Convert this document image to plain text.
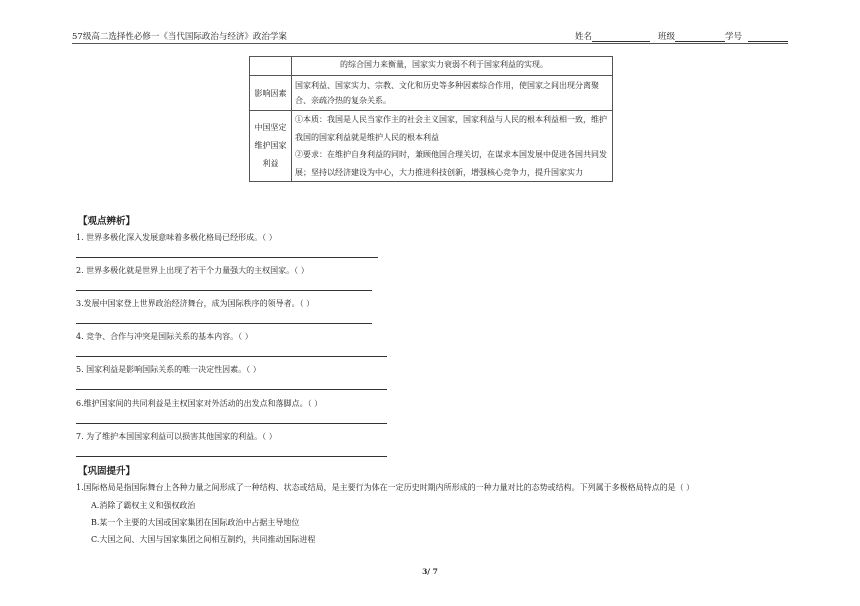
57级高二选择性必修一《当代国际政治与经济》政治学案	姓名	班级	学号
	的综合国力来衡量，国家实力衰弱不利于国家利益的实现。
影响因素	国家利益、国家实力、宗教、文化和历史等多种因素综合作用，使国家之间出现分离聚合、亲疏冷热的复杂关系。
中国坚定维护国家利益	①本质：我国是人民当家作主的社会主义国家，国家利益与人民的根本利益相一致，维护我国的国家利益就是维护人民的根本利益
②要求：在维护自身利益的同时，兼顾他国合理关切，在谋求本国发展中促进各国共同发展；坚持以经济建设为中心，大力推进科技创新，增强核心竞争力，提升国家实力
【观点辨析】
1. 世界多极化深入发展意味着多极化格局已经形成。（ ）
2. 世界多极化就是世界上出现了若干个力量强大的主权国家。（ ）
3.发展中国家登上世界政治经济舞台，成为国际秩序的领导者。（ ）
4. 竞争、合作与冲突是国际关系的基本内容。（ ）
5. 国家利益是影响国际关系的唯一决定性因素。（ ）
6.维护国家间的共同利益是主权国家对外活动的出发点和落脚点。（ ）
7. 为了维护本国国家利益可以损害其他国家的利益。（ ）
【巩固提升】
1.国际格局是指国际舞台上各种力量之间形成了一种结构、状态或结局，是主要行为体在一定历史时期内所形成的一种力量对比的态势或结构。下列属于多极格局特点的是（ ）
A.消除了霸权主义和强权政治
B.某一个主要的大国或国家集团在国际政治中占据主导地位
C.大国之间、大国与国家集团之间相互制约，共同推动国际进程
3/ 7
